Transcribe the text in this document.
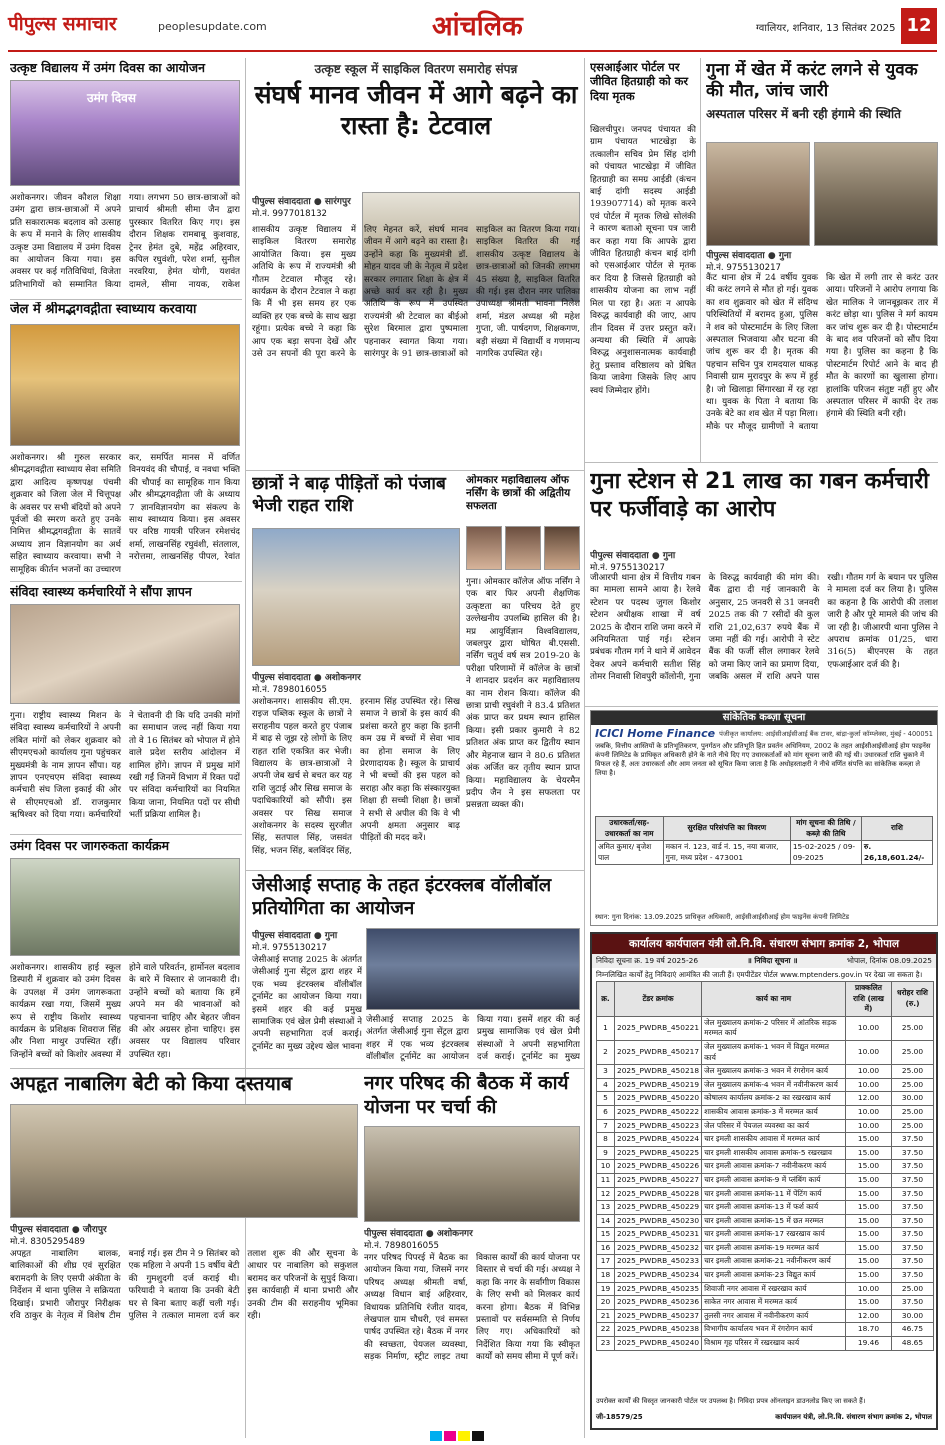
पीपुल्स समाचार	peoplesupdate.com	आंचलिक	ग्वालियर, शनिवार, 13 सितंबर 2025 12
उत्कृष्ट विद्यालय में उमंग दिवस का आयोजन
उमंग दिवस
अशोकनगर। जीवन कौशल शिक्षा उमंग द्वारा छात्र-छात्राओं में अपने प्रति सकारात्मक बदलाव को उत्साह के रूप में मनाने के लिए शासकीय उत्कृष्ट उमा विद्यालय में उमंग दिवस का आयोजन किया गया। इस अवसर पर कई गतिविधियां, विजेता प्रतिभागियों को सम्मानित किया गया। लगभग 50 छात्र-छात्राओं को प्राचार्य श्रीमती सीमा जैन द्वारा पुरस्कार वितरित किए गए। इस दौरान शिक्षक रामबाबू कुशवाह, ट्रेनर हेमंत दुबे, महेंद्र अहिरवार, कपिल रघुवंशी, परेश शर्मा, सुनील नरवरिया, हेमंत योगी, यशवंत दामले, सीमा नायक, राकेश
जेल में श्रीमद्भगवद्गीता स्वाध्याय करवाया
अशोकनगर। श्री गुरुल सरकार श्रीमद्भगवद्गीता स्वाध्याय सेवा समिति द्वारा आदित्य कृष्णपक्ष पंचमी शुक्रवार को जिला जेल में चित्तूपक्ष के अवसर पर सभी बंदियों को अपने पूर्वजों की स्मरण करते हुए उनके निमित्त श्रीमद्भगवद्गीता के सातवें अध्याय ज्ञान विज्ञानयोग का अर्थ सहित स्वाध्याय करवाया। सभी ने सामूहिक कीर्तन भजनों का उच्चारण कर, समर्पित मानस में वर्णित विनयवंद की चौपाई, व नवधा भक्ति की चौपाई का सामूहिक गान किया और श्रीमद्भगवद्गीता जी के अध्याय 7 ज्ञानविज्ञानयोग का संकल्प के साथ स्वाध्याय किया। इस अवसर पर वरिष्ठ गायत्री परिजन रमेशचंद शर्मा, लाखनसिंह रघुवंशी, संतलाल, नरोत्तमा, लाखनसिंह पीपल, रेवांत
संविदा स्वास्थ्य कर्मचारियों ने सौंपा ज्ञापन
गुना। राष्ट्रीय स्वास्थ्य मिशन के संविदा स्वास्थ्य कर्मचारियों ने अपनी लंबित मांगों को लेकर शुक्रवार को सीएमएचओ कार्यालय गुना पहुंचकर मुख्यमंत्री के नाम ज्ञापन सौंपा। यह ज्ञापन एनएचएम संविदा स्वास्थ्य कर्मचारी संघ जिला इकाई की ओर से सीएमएचओ डॉ. राजकुमार ऋषिश्वर को दिया गया। कर्मचारियों ने चेतावनी दी कि यदि उनकी मांगों का समाधान जल्द नहीं किया गया तो वे 16 सितंबर को भोपाल में होने वाले प्रदेश स्तरीय आंदोलन में शामिल होंगे। ज्ञापन में प्रमुख मांगें रखी गईं जिनमें विभाग में रिक्त पदों पर संविदा कर्मचारियों का नियमित किया जाना, नियमित पदों पर सीधी भर्ती प्रक्रिया शामिल है।
उमंग दिवस पर जागरुकता कार्यक्रम
अशोकनगर। शासकीय हाई स्कूल डिस्पारी में शुक्रवार को उमंग दिवस के उपलक्ष में उमंग जागरूकता कार्यक्रम रखा गया, जिसमें मुख्य रूप से राष्ट्रीय किशोर स्वास्थ्य कार्यक्रम के प्रशिक्षक शिवराज सिंह और निशा माथुर उपस्थित रहीं। जिन्होंने बच्चों को किशोर अवस्था में होने वाले परिवर्तन, हार्मोनल बदलाव के बारे में विस्तार से जानकारी दी। उन्होंने बच्चों को बताया कि हमें अपने मन की भावनाओं को पहचानना चाहिए और बेहतर जीवन की ओर अग्रसर होना चाहिए। इस अवसर पर विद्यालय परिवार उपस्थित रहा।
उत्कृष्ट स्कूल में साइकिल वितरण समारोह संपन्न
संघर्ष मानव जीवन में आगे बढ़ने का रास्ता है: टेटवाल
पीपुल्स संवाददाता ● सारंगपुर
मो.नं. 9977018132
शासकीय उत्कृष्ट विद्यालय में साइकिल वितरण समारोह आयोजित किया। इस मुख्य अतिथि के रूप में राज्यमंत्री श्री गौतम टेटवाल मौजूद रहे। कार्यक्रम के दौरान टेटवाल ने कहा कि मैं भी इस समय हर एक व्यक्ति हर एक बच्चे के साथ खड़ा रहूंगा। प्रत्येक बच्चे ने कहा कि आप एक बड़ा सपना देखें और उसे उन सपनों की पूरा करने के लिए मेहनत करें, संघर्ष मानव जीवन में आगे बढ़ने का रास्ता है। उन्होंने कहा कि मुख्यमंत्री डॉ. मोहन यादव जी के नेतृत्व में प्रदेश सरकार लगातार शिक्षा के क्षेत्र में अच्छे कार्य कर रही है। मुख्य अतिथि के रूप में उपस्थित राज्यमंत्री श्री टेटवाल का बीईओ सुरेश बिरमाल द्वारा पुष्पमाला पहनाकर स्वागत किया गया। सारंगपुर के 91 छात्र-छात्राओं को साइकिल का वितरण किया गया। साइकिल वितरित की गई शासकीय उत्कृष्ट विद्यालय के छात्र-छात्राओं को जिनकी लगभग 45 संख्या है, साइकिल वितरित की गई। इस दौरान नगर पालिका उपाध्यक्ष श्रीमती भावना निलेश शर्मा, मंडल अध्यक्ष श्री महेश गुप्ता, जी. पार्षदगण, शिक्षकगण, बड़ी संख्या में विद्यार्थी व गणमान्य नागरिक उपस्थित रहे।
एसआईआर पोर्टल पर जीवित हितग्राही को कर दिया मृतक
खिलचीपुर। जनपद पंचायत की ग्राम पंचायत भाटखेड़ा के तत्कालीन सचिव प्रेम सिंह दांगी को पंचायत भाटखेड़ा में जीवित हितग्राही का समग्र आईडी (कंचन बाई दांगी सदस्य आईडी 193907714) को मृतक करने एवं पोर्टल में मृतक लिखे सोलंकी ने कारण बताओ सूचना पत्र जारी कर कहा गया कि आपके द्वारा जीवित हितग्राही कंचन बाई दांगी को एसआईआर पोर्टल से मृतक कर दिया है जिससे हितग्राही को शासकीय योजना का लाभ नहीं मिल पा रहा है। अतः न आपके विरुद्ध कार्यवाही की जाए, आप तीन दिवस में उत्तर प्रस्तुत करें। अन्यथा की स्थिति में आपके विरुद्ध अनुशासनात्मक कार्यवाही हेतु प्रस्ताव वरिष्ठालय को प्रेषित किया जावेगा जिसके लिए आप स्वयं जिम्मेदार होंगे।
गुना में खेत में करंट लगने से युवक की मौत, जांच जारी
अस्पताल परिसर में बनी रही हंगामे की स्थिति
पीपुल्स संवाददाता ● गुना
मो.नं. 9755130217
कैंट थाना क्षेत्र में 24 वर्षीय युवक की करंट लगने से मौत हो गई। युवक का शव शुक्रवार को खेत में संदिग्ध परिस्थितियों में बरामद हुआ, पुलिस ने शव को पोस्टमार्टम के लिए जिला अस्पताल भिजवाया और घटना की जांच शुरू कर दी है। मृतक की पहचान सचिन पुत्र रामदयाल धाकड़ निवासी ग्राम मुरादपुर के रूप में हुई है। जो खिलाड़ा सिंगारखा में रह रहा था। युवक के पिता ने बताया कि उनके बेटे का शव खेत में पड़ा मिला। मौके पर मौजूद ग्रामीणों ने बताया कि खेत में लगी तार से करंट उतर आया। परिजनों ने आरोप लगाया कि खेत मालिक ने जानबूझकर तार में करंट छोड़ा था। पुलिस ने मर्ग कायम कर जांच शुरू कर दी है। पोस्टमार्टम के बाद शव परिजनों को सौंप दिया गया है। पुलिस का कहना है कि पोस्टमार्टम रिपोर्ट आने के बाद ही मौत के कारणों का खुलासा होगा। हालांकि परिजन संतुष्ट नहीं हुए और अस्पताल परिसर में काफी देर तक हंगामे की स्थिति बनी रही।
छात्रों ने बाढ़ पीड़ितों को पंजाब भेजी राहत राशि
पीपुल्स संवाददाता ● अशोकनगर
मो.नं. 7898016055
अशोकनगर। शासकीय सी.एम. राइज पब्लिक स्कूल के छात्रों ने सराहनीय पहल करते हुए पंजाब में बाढ़ से जूझ रहे लोगों के लिए राहत राशि एकत्रित कर भेजी। विद्यालय के छात्र-छात्राओं ने अपनी जेब खर्च से बचत कर यह राशि जुटाई और सिख समाज के पदाधिकारियों को सौंपी। इस अवसर पर सिख समाज अशोकनगर के सदस्य सुरजीत सिंह, सतपाल सिंह, जसवंत सिंह, भजन सिंह, बलविंदर सिंह, हरनाम सिंह उपस्थित रहे। सिख समाज ने छात्रों के इस कार्य की प्रशंसा करते हुए कहा कि इतनी कम उम्र में बच्चों में सेवा भाव का होना समाज के लिए प्रेरणादायक है। स्कूल के प्राचार्य ने भी बच्चों की इस पहल को सराहा और कहा कि संस्कारयुक्त शिक्षा ही सच्ची शिक्षा है। छात्रों ने सभी से अपील की कि वे भी अपनी क्षमता अनुसार बाढ़ पीड़ितों की मदद करें।
ओमकार महाविद्यालय ऑफ नर्सिंग के छात्रों की अद्वितीय सफलता
गुना। ओमकार कॉलेज ऑफ नर्सिंग ने एक बार फिर अपनी शैक्षणिक उत्कृष्टता का परिचय देते हुए उल्लेखनीय उपलब्धि हासिल की है। मप्र आयुर्विज्ञान विश्वविद्यालय, जबलपुर द्वारा घोषित बी.एससी. नर्सिंग चतुर्थ वर्ष सत्र 2019-20 के परीक्षा परिणामों में कॉलेज के छात्रों ने शानदार प्रदर्शन कर महाविद्यालय का नाम रोशन किया। कॉलेज की छात्रा प्राची रघुवंशी ने 83.4 प्रतिशत अंक प्राप्त कर प्रथम स्थान हासिल किया। इसी प्रकार कुमारी ने 82 प्रतिशत अंक प्राप्त कर द्वितीय स्थान और मेहनाज खान ने 80.6 प्रतिशत अंक अर्जित कर तृतीय स्थान प्राप्त किया। महाविद्यालय के चेयरमैन प्रदीप जैन ने इस सफलता पर प्रसन्नता व्यक्त की।
गुना स्टेशन से 21 लाख का गबन कर्मचारी पर फर्जीवाड़े का आरोप
पीपुल्स संवाददाता ● गुना
मो.नं. 9755130217
जीआरपी थाना क्षेत्र में वित्तीय गबन का मामला सामने आया है। रेलवे स्टेशन पर पदस्थ जुगल किशोर स्टेशन अधीक्षक शाखा में वर्ष 2025 के दौरान राशि जमा करने में अनियमितता पाई गई। स्टेशन प्रबंधक गौतम गर्ग ने थाने में आवेदन देकर अपने कर्मचारी सतीश सिंह तोमर निवासी शिवपुरी कॉलोनी, गुना के विरुद्ध कार्यवाही की मांग की। बैंक द्वारा दी गई जानकारी के अनुसार, 25 जनवरी से 31 जनवरी 2025 तक की 7 रसीदों की कुल राशि 21,02,637 रुपये बैंक में जमा नहीं की गई। आरोपी ने स्टेट बैंक की फर्जी सील लगाकर रेलवे को जमा किए जाने का प्रमाण दिया, जबकि असल में राशि अपने पास रखी। गौतम गर्ग के बयान पर पुलिस ने मामला दर्ज कर लिया है। पुलिस का कहना है कि आरोपी की तलाश जारी है और पूरे मामले की जांच की जा रही है। जीआरपी थाना पुलिस ने अपराध क्रमांक 01/25, धारा 316(5) बीएनएस के तहत एफआईआर दर्ज की है।
सांकेतिक कब्ज़ा सूचना
ICICI Home Finance पंजीकृत कार्यालय: आईसीआईसीआई बैंक टावर, बांद्रा-कुर्ला कॉम्प्लेक्स, मुंबई - 400051
जबकि, वित्तीय आस्तियों के प्रतिभूतिकरण, पुनर्गठन और प्रतिभूति हित प्रवर्तन अधिनियम, 2002 के तहत आईसीआईसीआई होम फाइनेंस कंपनी लिमिटेड के प्राधिकृत अधिकारी होने के नाते नीचे दिए गए उधारकर्ताओं को मांग सूचना जारी की गई थी। उधारकर्ता राशि चुकाने में विफल रहे हैं, अतः उधारकर्ता और आम जनता को सूचित किया जाता है कि अधोहस्ताक्षरी ने नीचे वर्णित संपत्ति का सांकेतिक कब्ज़ा ले लिया है।
उधारकर्ता/सह-उधारकर्ता का नाम	सुरक्षित परिसंपत्ति का विवरण	मांग सूचना की तिथि / कब्ज़े की तिथि	राशि
अमित कुमार/ बृजेश पाल	मकान नं. 123, वार्ड नं. 15, नया बाजार, गुना, मध्य प्रदेश - 473001	15-02-2025 / 09-09-2025	रु. 26,18,601.24/-
स्थान: गुना दिनांक: 13.09.2025 प्राधिकृत अधिकारी, आईसीआईसीआई होम फाइनेंस कंपनी लिमिटेड
कार्यालय कार्यपालन यंत्री लो.नि.वि. संधारण संभाग क्रमांक 2, भोपाल
निविदा सूचना क्र. 19 वर्ष 2025-26	॥ निविदा सूचना ॥	भोपाल, दिनांक 08.09.2025
निम्नलिखित कार्यों हेतु निविदाएं आमंत्रित की जाती हैं। एमपीटेंडर पोर्टल www.mptenders.gov.in पर देखा जा सकता है।
क्र.	टेंडर क्रमांक	कार्य का नाम	प्राक्कलित राशि (लाख में)	धरोहर राशि (रु.)
1	2025_PWDRB_450221	जेल मुख्यालय क्रमांक-2 परिसर में आंतरिक सड़क मरम्मत कार्य	10.00	25.00
2	2025_PWDRB_450217	जेल मुख्यालय क्रमांक-1 भवन में विद्युत मरम्मत कार्य	10.00	25.00
3	2025_PWDRB_450218	जेल मुख्यालय क्रमांक-3 भवन में रंगरोगन कार्य	10.00	25.00
4	2025_PWDRB_450219	जेल मुख्यालय क्रमांक-4 भवन में नवीनीकरण कार्य	10.00	25.00
5	2025_PWDRB_450220	कोषालय कार्यालय क्रमांक-2 का रखरखाव कार्य	12.00	30.00
6	2025_PWDRB_450222	शासकीय आवास क्रमांक-3 में मरम्मत कार्य	10.00	25.00
7	2025_PWDRB_450223	जेल परिसर में पेयजल व्यवस्था का कार्य	10.00	25.00
8	2025_PWDRB_450224	चार इमली शासकीय आवास में मरम्मत कार्य	15.00	37.50
9	2025_PWDRB_450225	चार इमली शासकीय आवास क्रमांक-5 रखरखाव	15.00	37.50
10	2025_PWDRB_450226	चार इमली आवास क्रमांक-7 नवीनीकरण कार्य	15.00	37.50
11	2025_PWDRB_450227	चार इमली आवास क्रमांक-9 में प्लंबिंग कार्य	15.00	37.50
12	2025_PWDRB_450228	चार इमली आवास क्रमांक-11 में पेंटिंग कार्य	15.00	37.50
13	2025_PWDRB_450229	चार इमली आवास क्रमांक-13 में फर्श कार्य	15.00	37.50
14	2025_PWDRB_450230	चार इमली आवास क्रमांक-15 में छत मरम्मत	15.00	37.50
15	2025_PWDRB_450231	चार इमली आवास क्रमांक-17 रखरखाव कार्य	15.00	37.50
16	2025_PWDRB_450232	चार इमली आवास क्रमांक-19 मरम्मत कार्य	15.00	37.50
17	2025_PWDRB_450233	चार इमली आवास क्रमांक-21 नवीनीकरण कार्य	15.00	37.50
18	2025_PWDRB_450234	चार इमली आवास क्रमांक-23 विद्युत कार्य	15.00	37.50
19	2025_PWDRB_450235	शिवाजी नगर आवास में रखरखाव कार्य	10.00	25.00
20	2025_PWDRB_450236	साकेत नगर आवास में मरम्मत कार्य	15.00	37.50
21	2025_PWDRB_450237	तुलसी नगर आवास में नवीनीकरण कार्य	12.00	30.00
22	2025_PWDRB_450238	विभागीय कार्यालय भवन में रंगरोगन कार्य	18.70	46.75
23	2025_PWDRB_450240	विश्राम गृह परिसर में रखरखाव कार्य	19.46	48.65
उपरोक्त कार्यों की विस्तृत जानकारी पोर्टल पर उपलब्ध है। निविदा प्रपत्र ऑनलाइन डाउनलोड किए जा सकते हैं।
जी-18579/25	कार्यपालन यंत्री, लो.नि.वि. संधारण संभाग क्रमांक 2, भोपाल
जेसीआई सप्ताह के तहत इंटरक्लब वॉलीबॉल प्रतियोगिता का आयोजन
पीपुल्स संवाददाता ● गुना
मो.नं. 9755130217
जेसीआई सप्ताह 2025 के अंतर्गत जेसीआई गुना सेंट्रल द्वारा शहर में एक भव्य इंटरक्लब वॉलीबॉल टूर्नामेंट का आयोजन किया गया। इसमें शहर की कई प्रमुख सामाजिक एवं खेल प्रेमी संस्थाओं ने अपनी सहभागिता दर्ज कराई। टूर्नामेंट का मुख्य उद्देश्य खेल भावना
जेसीआई सप्ताह 2025 के अंतर्गत जेसीआई गुना सेंट्रल द्वारा शहर में एक भव्य इंटरक्लब वॉलीबॉल टूर्नामेंट का आयोजन किया गया। इसमें शहर की कई प्रमुख सामाजिक एवं खेल प्रेमी संस्थाओं ने अपनी सहभागिता दर्ज कराई। टूर्नामेंट का मुख्य
अपहृत नाबालिग बेटी को किया दस्तयाब
पीपुल्स संवाददाता ● जौरापुर
मो.नं. 8305295489
अपहृत नाबालिग बालक, बालिकाओं की शीघ्र एवं सुरक्षित बरामदगी के लिए एसपी अंकीता के निर्देशन में थाना पुलिस ने सक्रियता दिखाई। प्रभारी जौरापुर निरीक्षक रवि ठाकुर के नेतृत्व में विशेष टीम बनाई गई। इस टीम ने 9 सितंबर को एक महिला ने अपनी 15 वर्षीय बेटी की गुमशुदगी दर्ज कराई थी। फरियादी ने बताया कि उनकी बेटी घर से बिना बताए कहीं चली गई। पुलिस ने तत्काल मामला दर्ज कर तलाश शुरू की और सूचना के आधार पर नाबालिग को सकुशल बरामद कर परिजनों के सुपुर्द किया। इस कार्यवाही में थाना प्रभारी और उनकी टीम की सराहनीय भूमिका रही।
नगर परिषद की बैठक में कार्य योजना पर चर्चा की
पीपुल्स संवाददाता ● अशोकनगर
मो.नं. 7898016055
नगर परिषद पिपरई में बैठक का आयोजन किया गया, जिसमें नगर परिषद अध्यक्ष श्रीमती वर्षा, अध्यक्ष विधान बाई अहिरवार, विधायक प्रतिनिधि रंजीत यादव, लेखपाल ग्राम चौधरी, एवं समस्त पार्षद उपस्थित रहे। बैठक में नगर की स्वच्छता, पेयजल व्यवस्था, सड़क निर्माण, स्ट्रीट लाइट तथा विकास कार्यों की कार्य योजना पर विस्तार से चर्चा की गई। अध्यक्ष ने कहा कि नगर के सर्वांगीण विकास के लिए सभी को मिलकर कार्य करना होगा। बैठक में विभिन्न प्रस्तावों पर सर्वसम्मति से निर्णय लिए गए। अधिकारियों को निर्देशित किया गया कि स्वीकृत कार्यों को समय सीमा में पूर्ण करें।
